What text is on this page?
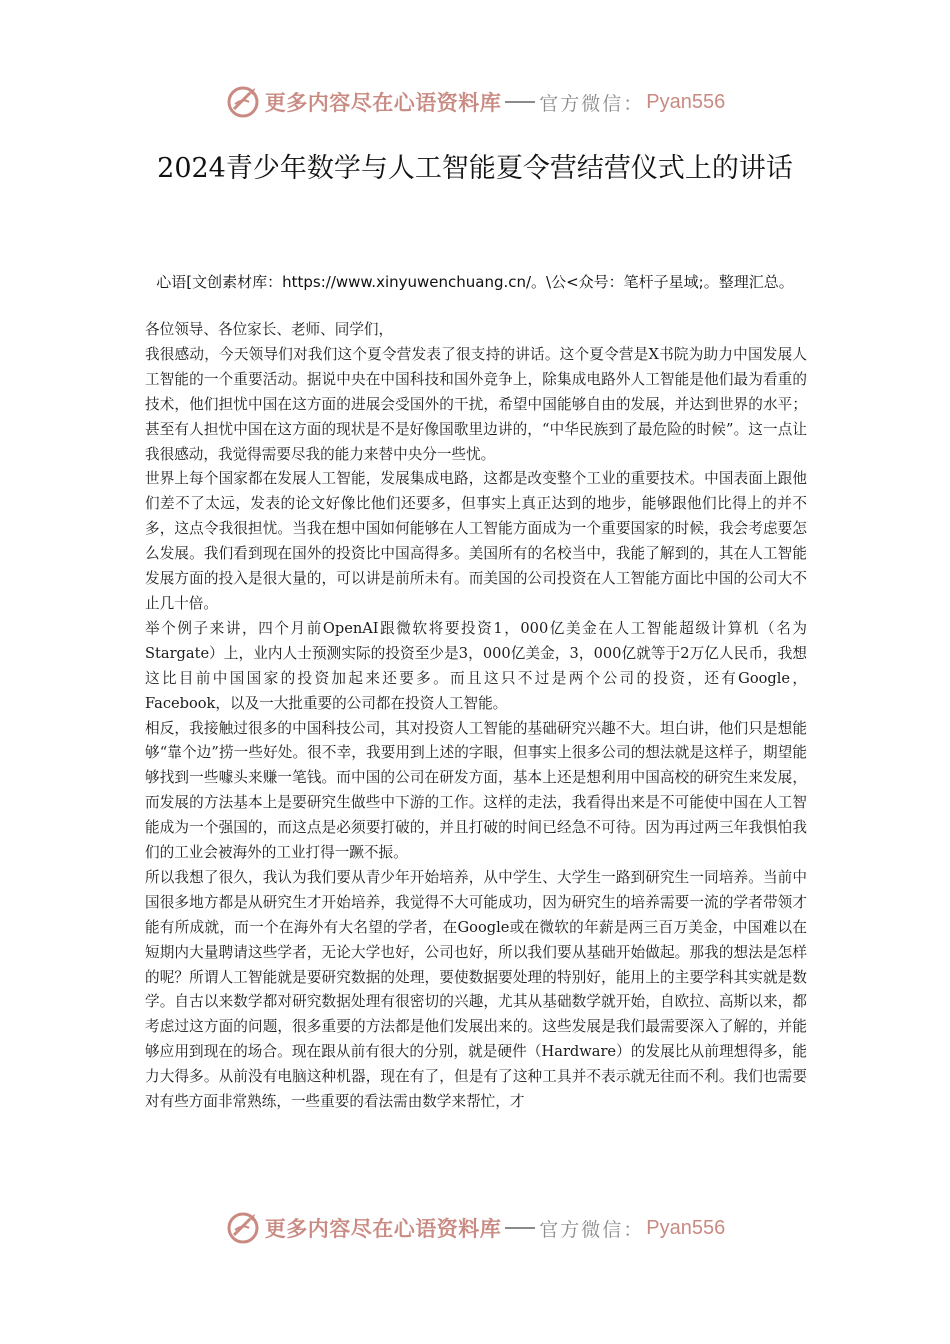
更多内容尽在心语资料库 官方微信： Pyan556
2024青少年数学与人工智能夏令营结营仪式上的讲话
心语[文创素材库：https://www.xinyuwenchuang.cn/。\公<众号：笔杆子星域;。整理汇总。

各位领导、各位家长、老师、同学们，

我很感动，今天领导们对我们这个夏令营发表了很支持的讲话。这个夏令营是X书院为助力中国发展人工智能的一个重要活动。据说中央在中国科技和国外竞争上，除集成电路外人工智能是他们最为看重的技术，他们担忧中国在这方面的进展会受国外的干扰，希望中国能够自由的发展，并达到世界的水平；甚至有人担忧中国在这方面的现状是不是好像国歌里边讲的，“中华民族到了最危险的时候”。这一点让我很感动，我觉得需要尽我的能力来替中央分一些忧。

世界上每个国家都在发展人工智能，发展集成电路，这都是改变整个工业的重要技术。中国表面上跟他们差不了太远，发表的论文好像比他们还要多，但事实上真正达到的地步，能够跟他们比得上的并不多，这点令我很担忧。当我在想中国如何能够在人工智能方面成为一个重要国家的时候，我会考虑要怎么发展。我们看到现在国外的投资比中国高得多。美国所有的名校当中，我能了解到的，其在人工智能发展方面的投入是很大量的，可以讲是前所未有。而美国的公司投资在人工智能方面比中国的公司大不止几十倍。

举个例子来讲，四个月前OpenAI跟微软将要投资1，000亿美金在人工智能超级计算机（名为Stargate）上，业内人士预测实际的投资至少是3，000亿美金，3，000亿就等于2万亿人民币，我想这比目前中国国家的投资加起来还要多。而且这只不过是两个公司的投资，还有Google，Facebook，以及一大批重要的公司都在投资人工智能。

相反，我接触过很多的中国科技公司，其对投资人工智能的基础研究兴趣不大。坦白讲，他们只是想能够“靠个边”捞一些好处。很不幸，我要用到上述的字眼，但事实上很多公司的想法就是这样子，期望能够找到一些噱头来赚一笔钱。而中国的公司在研发方面，基本上还是想利用中国高校的研究生来发展，而发展的方法基本上是要研究生做些中下游的工作。这样的走法，我看得出来是不可能使中国在人工智能成为一个强国的，而这点是必须要打破的，并且打破的时间已经急不可待。因为再过两三年我惧怕我们的工业会被海外的工业打得一蹶不振。

所以我想了很久，我认为我们要从青少年开始培养，从中学生、大学生一路到研究生一同培养。当前中国很多地方都是从研究生才开始培养，我觉得不大可能成功，因为研究生的培养需要一流的学者带领才能有所成就，而一个在海外有大名望的学者，在Google或在微软的年薪是两三百万美金，中国难以在短期内大量聘请这些学者，无论大学也好，公司也好，所以我们要从基础开始做起。那我的想法是怎样的呢？所谓人工智能就是要研究数据的处理，要使数据要处理的特别好，能用上的主要学科其实就是数学。自古以来数学都对研究数据处理有很密切的兴趣，尤其从基础数学就开始，自欧拉、高斯以来，都考虑过这方面的问题，很多重要的方法都是他们发展出来的。这些发展是我们最需要深入了解的，并能够应用到现在的场合。现在跟从前有很大的分别，就是硬件（Hardware）的发展比从前理想得多，能力大得多。从前没有电脑这种机器，现在有了，但是有了这种工具并不表示就无往而不利。我们也需要对有些方面非常熟练，一些重要的看法需由数学来帮忙，才

更多内容尽在心语资料库 官方微信： Pyan556
